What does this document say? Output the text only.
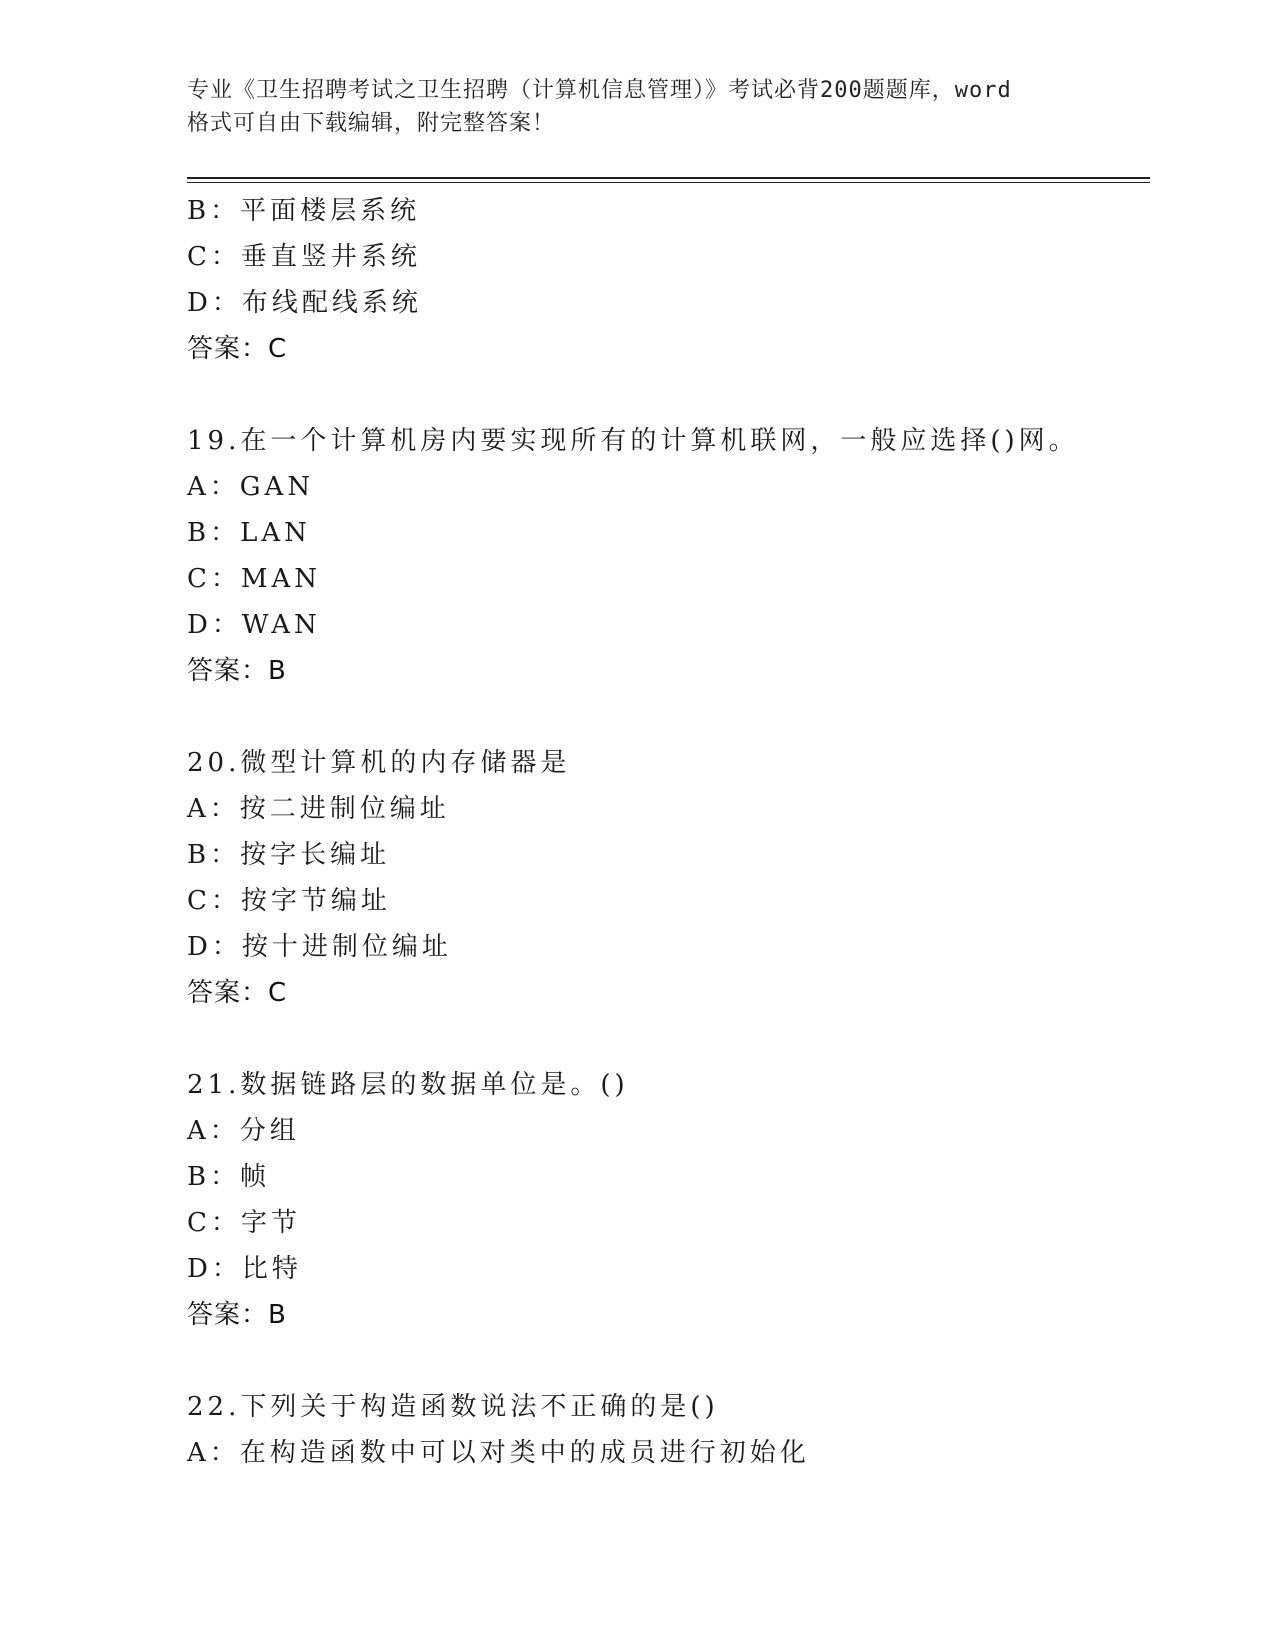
专业《卫生招聘考试之卫生招聘（计算机信息管理）》考试必背200题题库，word
格式可自由下载编辑，附完整答案！
B：平面楼层系统
C：垂直竖井系统
D：布线配线系统
答案：C
19.在一个计算机房内要实现所有的计算机联网，一般应选择()网。
A：GAN
B：LAN
C：MAN
D：WAN
答案：B
20.微型计算机的内存储器是
A：按二进制位编址
B：按字长编址
C：按字节编址
D：按十进制位编址
答案：C
21.数据链路层的数据单位是。()
A：分组
B：帧
C：字节
D：比特
答案：B
22.下列关于构造函数说法不正确的是()
A：在构造函数中可以对类中的成员进行初始化
